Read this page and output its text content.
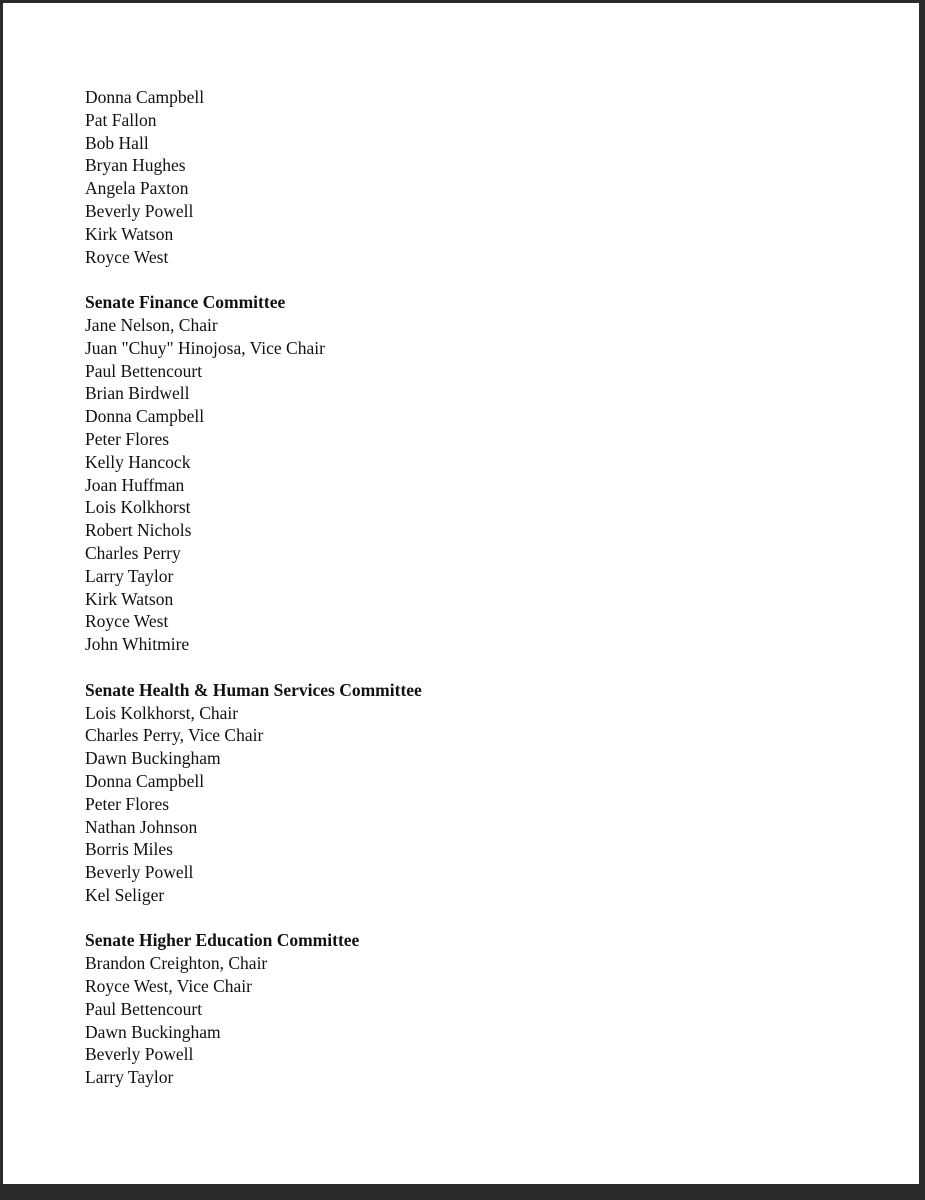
Donna Campbell
Pat Fallon
Bob Hall
Bryan Hughes
Angela Paxton
Beverly Powell
Kirk Watson
Royce West
Senate Finance Committee
Jane Nelson, Chair
Juan "Chuy" Hinojosa, Vice Chair
Paul Bettencourt
Brian Birdwell
Donna Campbell
Peter Flores
Kelly Hancock
Joan Huffman
Lois Kolkhorst
Robert Nichols
Charles Perry
Larry Taylor
Kirk Watson
Royce West
John Whitmire
Senate Health & Human Services Committee
Lois Kolkhorst, Chair
Charles Perry, Vice Chair
Dawn Buckingham
Donna Campbell
Peter Flores
Nathan Johnson
Borris Miles
Beverly Powell
Kel Seliger
Senate Higher Education Committee
Brandon Creighton, Chair
Royce West, Vice Chair
Paul Bettencourt
Dawn Buckingham
Beverly Powell
Larry Taylor
